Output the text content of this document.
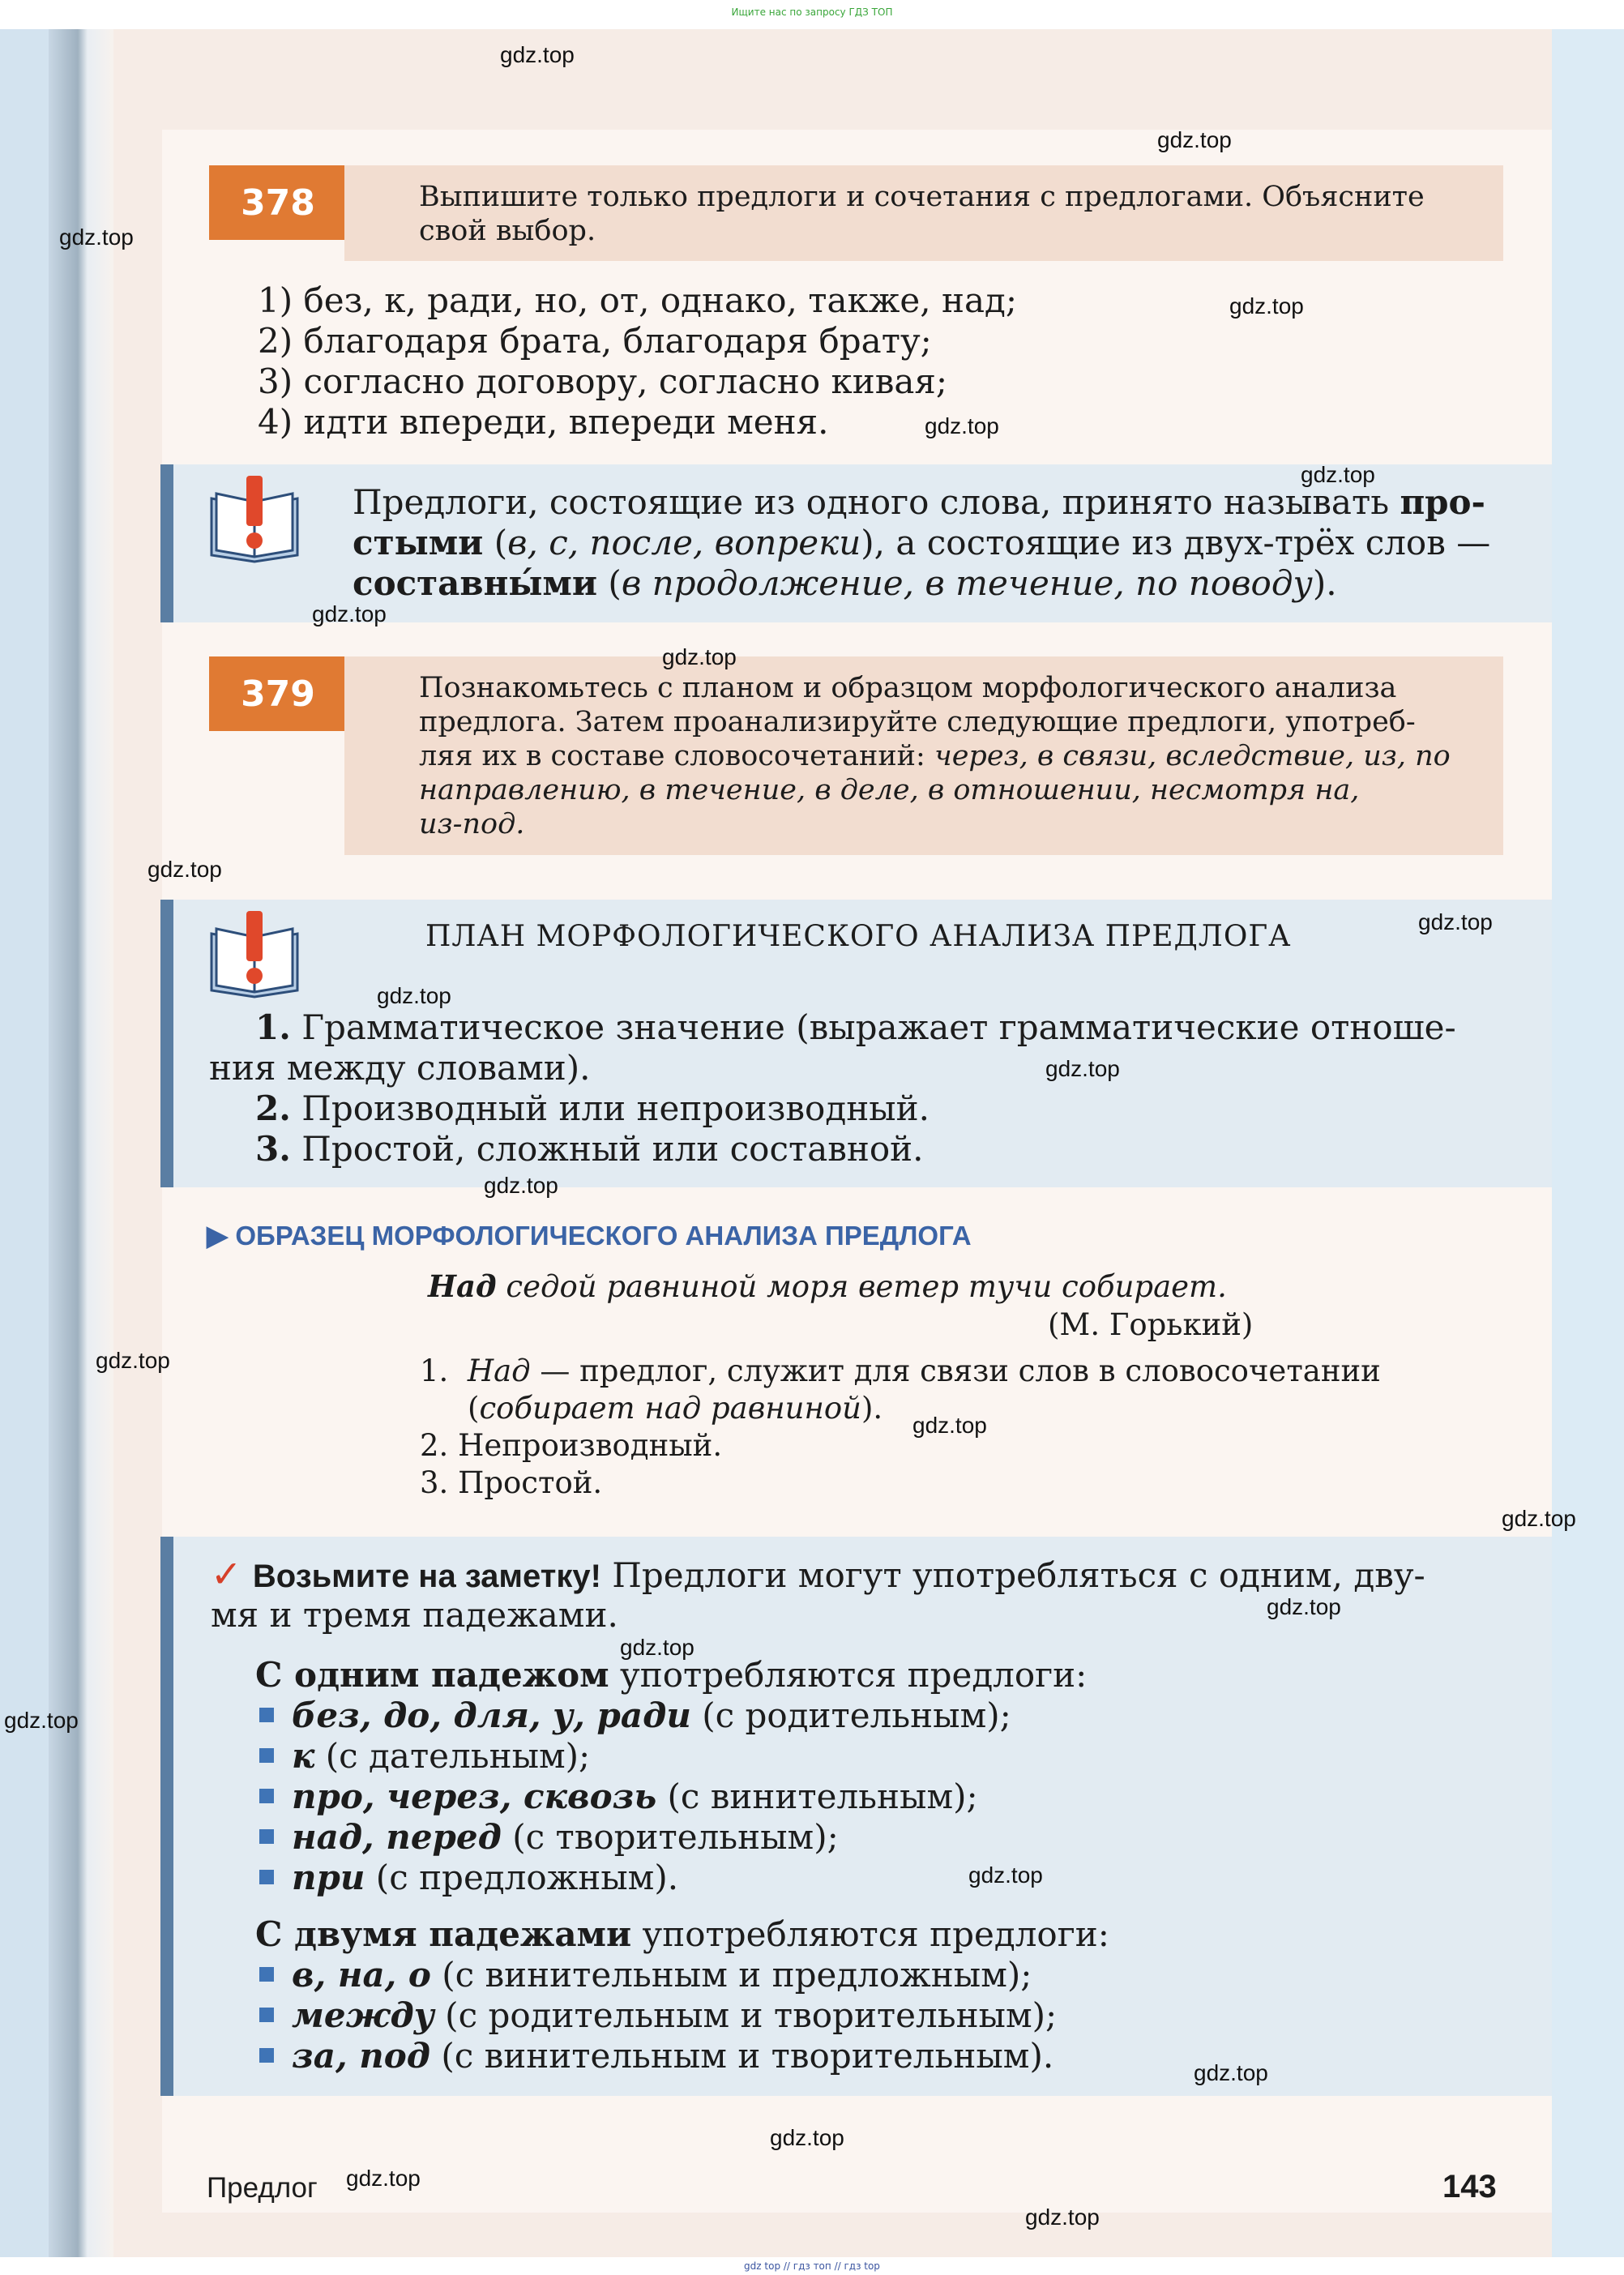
Ищите нас по запросу ГДЗ ТОП
378	Выпишите только предлоги и сочетания с предлогами. Объясните
свой выбор.
1) без, к, ради, но, от, однако, также, над;
2) благодаря брата, благодаря брату;
3) согласно договору, согласно кивая;
4) идти впереди, впереди меня.
Предлоги, состоящие из одного слова, принято называть про-
стыми (в, с, после, вопреки), а состоящие из двух-трёх слов —
составны́ми (в продолжение, в течение, по поводу).
379	Познакомьтесь с планом и образцом морфологического анализа
предлога. Затем проанализируйте следующие предлоги, употреб-
ляя их в составе словосочетаний: через, в связи, вследствие, из, по
направлению, в течение, в деле, в отношении, несмотря на,
из-под.
ПЛАН МОРФОЛОГИЧЕСКОГО АНАЛИЗА ПРЕДЛОГА
1. Грамматическое значение (выражает грамматические отноше-
ния между словами).
2. Производный или непроизводный.
3. Простой, сложный или составной.
▶ ОБРАЗЕЦ МОРФОЛОГИЧЕСКОГО АНАЛИЗА ПРЕДЛОГА
Над седой равниной моря ветер тучи собирает.
(М. Горький)
1. Над — предлог, служит для связи слов в словосочетании
(собирает над равниной).
2. Непроизводный.
3. Простой.
✓ Возьмите на заметку! Предлоги могут употребляться с одним, дву-
мя и тремя падежами.
С одним падежом употребляются предлоги:
без, до, для, у, ради (с родительным);
к (с дательным);
про, через, сквозь (с винительным);
над, перед (с творительным);
при (с предложным).
С двумя падежами употребляются предлоги:
в, на, о (с винительным и предложным);
между (с родительным и творительным);
за, под (с винительным и творительным).
Предлог	143
gdz.top
gdz.top
gdz.top
gdz.top
gdz.top
gdz.top
gdz.top
gdz.top
gdz.top
gdz.top
gdz.top
gdz.top
gdz.top
gdz.top
gdz.top
gdz.top
gdz.top
gdz.top
gdz.top
gdz.top
gdz.top
gdz.top
gdz.top
gdz.top
gdz top // гдз топ // гдз top
